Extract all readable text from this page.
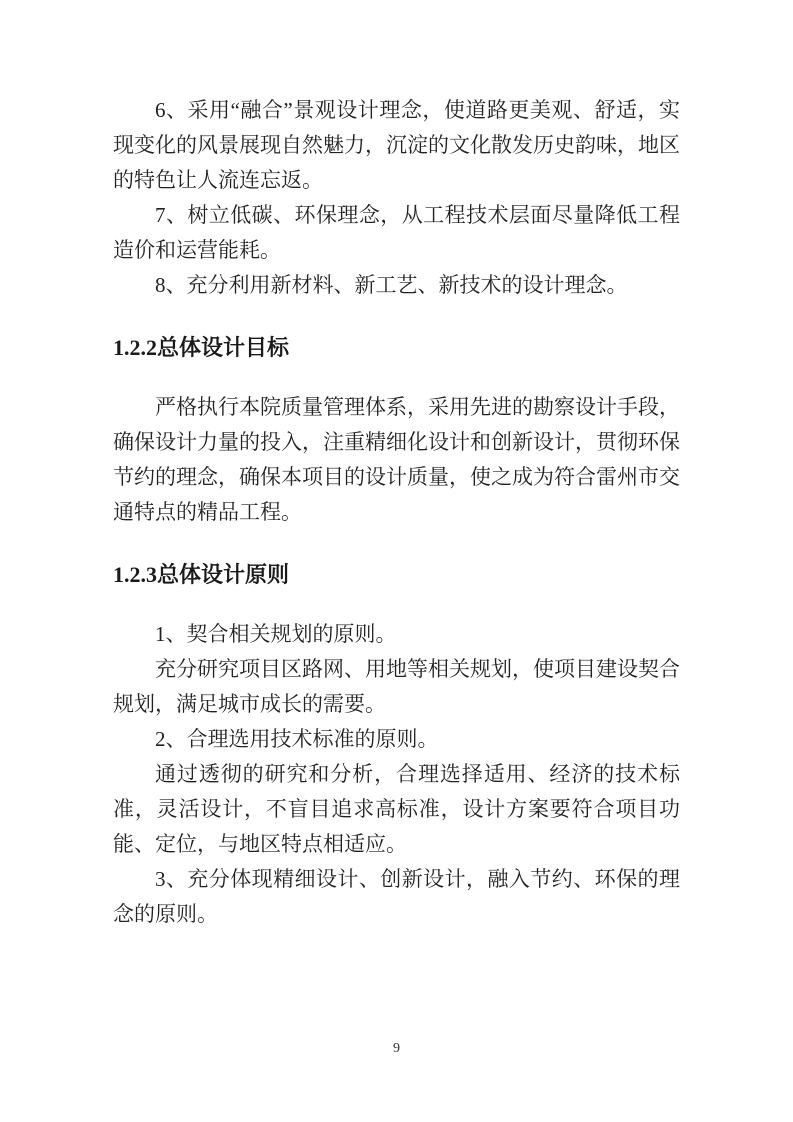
6、采用“融合”景观设计理念，使道路更美观、舒适，实现变化的风景展现自然魅力，沉淀的文化散发历史韵味，地区的特色让人流连忘返。

7、树立低碳、环保理念，从工程技术层面尽量降低工程造价和运营能耗。

8、充分利用新材料、新工艺、新技术的设计理念。

1.2.2总体设计目标

严格执行本院质量管理体系，采用先进的勘察设计手段，确保设计力量的投入，注重精细化设计和创新设计，贯彻环保节约的理念，确保本项目的设计质量，使之成为符合雷州市交通特点的精品工程。

1.2.3总体设计原则

1、契合相关规划的原则。

充分研究项目区路网、用地等相关规划，使项目建设契合规划，满足城市成长的需要。

2、合理选用技术标准的原则。

通过透彻的研究和分析，合理选择适用、经济的技术标准，灵活设计，不盲目追求高标准，设计方案要符合项目功能、定位，与地区特点相适应。

3、充分体现精细设计、创新设计，融入节约、环保的理念的原则。

9
